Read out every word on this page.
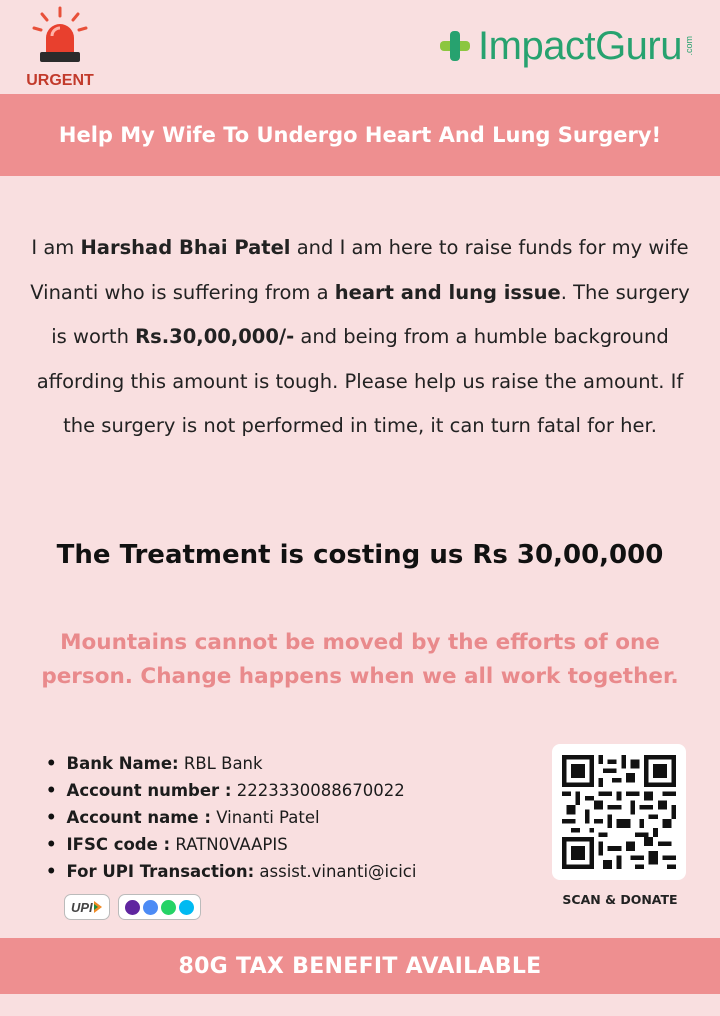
URGENT
ImpactGuru .com
Help My Wife To Undergo Heart And Lung Surgery!
I am Harshad Bhai Patel and I am here to raise funds for my wife Vinanti who is suffering from a heart and lung issue. The surgery is worth Rs.30,00,000/- and being from a humble background affording this amount is tough. Please help us raise the amount. If the surgery is not performed in time, it can turn fatal for her.
The Treatment is costing us Rs 30,00,000
Mountains cannot be moved by the efforts of one person. Change happens when we all work together.
• Bank Name: RBL Bank
• Account number : 2223330088670022
• Account name : Vinanti Patel
• IFSC code : RATN0VAAPIS
• For UPI Transaction: assist.vinanti@icici
UPI	SCAN & DONATE
80G TAX BENEFIT AVAILABLE
